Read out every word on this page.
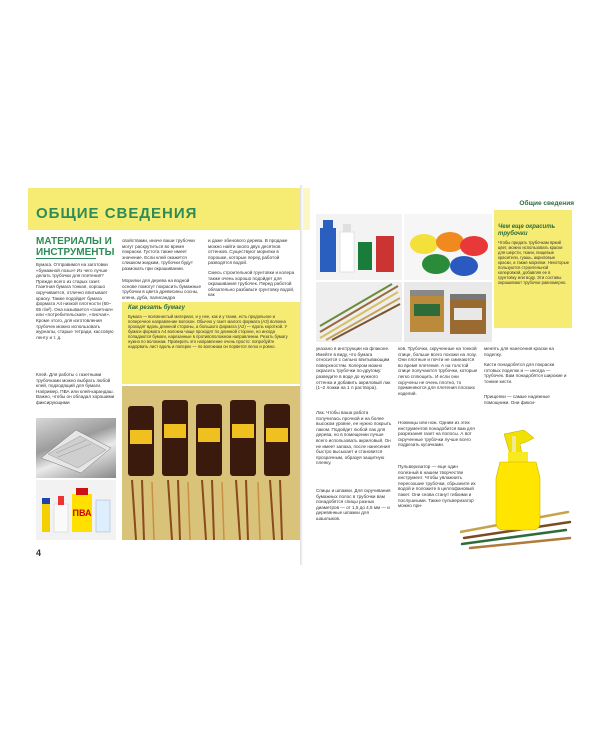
ОБЩИЕ СВЕДЕНИЯ
МАТЕРИАЛЫ И ИНСТРУМЕНТЫ
Бумага. Отправимся на заготовки «бумажной лозы»! Из чего лучше делать трубочки для плетения? Прежде всего из старых газет. Газетная бумага тонкая, хорошо скручивается, отлично впитывает краску. Также подойдет бумага формата А4 низкой плотности (60–65 г/м²). Она называется «газетная» или «потребительская», «писчая». Кроме этого, для изготовления трубочек можно использовать журналы, старые тетради, кассовую ленту и т. д.
Клей. Для работы с газетными трубочками можно выбрать любой клей, подходящий для бумаги. Например, ПВА или клей-карандаш. Важно, чтобы он обладал хорошими фиксирующими
свойствами, иначе ваши трубочки могут раскрутиться во время покраски. Густота также имеет значение. Если клей окажется слишком жидким, трубочки будут размокать при окрашивании.
Морилки для дерева на водной основе помогут покрасить бумажные трубочки в цвета древесины сосны, клена, дуба, палисандра
и даже эбенового дерева. В продаже можно найти около двух десятков оттенков. Существуют морилки в порошке, которые перед работой разводятся водой.
Смесь строительной грунтовки и колера также очень хорошо подойдет для окрашивания трубочек. Перед работой обязательно разбавьте грунтовку водой, как
Как резать бумагу
Бумага — волокнистый материал, и у нее, как и у ткани, есть продольное и поперечное направление волокон. Обычно у газет малого формата (А3) волокна проходят вдоль длинной стороны, а большого формата (А2) — вдоль короткой. У бумаги формата А4 волокна чаще проходят по длинной стороне, но иногда попадаются бумаги, нарезанные в противоположном направлении. Резать бумагу нужно по волокнам. Проверить это направление очень просто: попробуйте надорвать лист вдоль и поперек — по волокнам он порвется легко и ровно.
ПВА
4
Общие сведения
Чем еще окрасить трубочки
Чтобы придать трубочкам яркий цвет, можно использовать краски для шерсти, ткани, пищевые красители, гуашь, акриловые краски, а также морилки. Некоторые пользуются строительной колеровкой, добавляя ее в грунтовку или воду. Эти составы окрашивают трубочки равномерно.
указано в инструкции на флаконе. Имейте в виду, что бумага относится с сильно впитывающим поверхностям. Колером можно окрасить трубочки по-другому: разведите в воде до нужного оттенка и добавить акриловый лак (1–2 ложки на 1 л раствора).
Лак. Чтобы ваша работа получилась прочной и на более высоком уровне, ее нужно покрыть лаком. Подойдет любой лак для дерева, но в помещении лучше всего использовать акриловый. Он не имеет запаха, после нанесения быстро высыхает и становится прозрачным, образуя защитную пленку.
Спицы и шпажки. Для скручивания бумажных полос в трубочки вам понадобятся спицы разных диаметров — от 1,5 до 4,5 мм — и деревянные шпажки для шашлыков.
ков. Трубочки, скрученные на тонкой спице, больше всего похожи на лозу. Они плотные и почти не сминаются во время плетения. А на толстой спице получаются трубочки, которые легко сплющить. И если они скручены не очень плотно, то применяются для плетения плоских изделий.
Ножницы или нож. Одним из этих инструментов понадобится вам для разрезания газет на полосы. А вот скрученные трубочки лучше всего подрезать кусачками.
Пульверизатор — еще один полезный в нашем творчестве инструмент. Чтобы увлажнить пересохшие трубочки, сбрызните их водой и положите в целлофановый пакет. Они снова станут гибкими и послушными. Также пульверизатор можно при-
менять для нанесения краски на поделку.
Кисти понадобятся для покраски готовых поделок и — иногда — трубочек. Вам понадобятся широкие и тонкие кисти.
Прищепки — самые надежные помощники. Они фикси-
